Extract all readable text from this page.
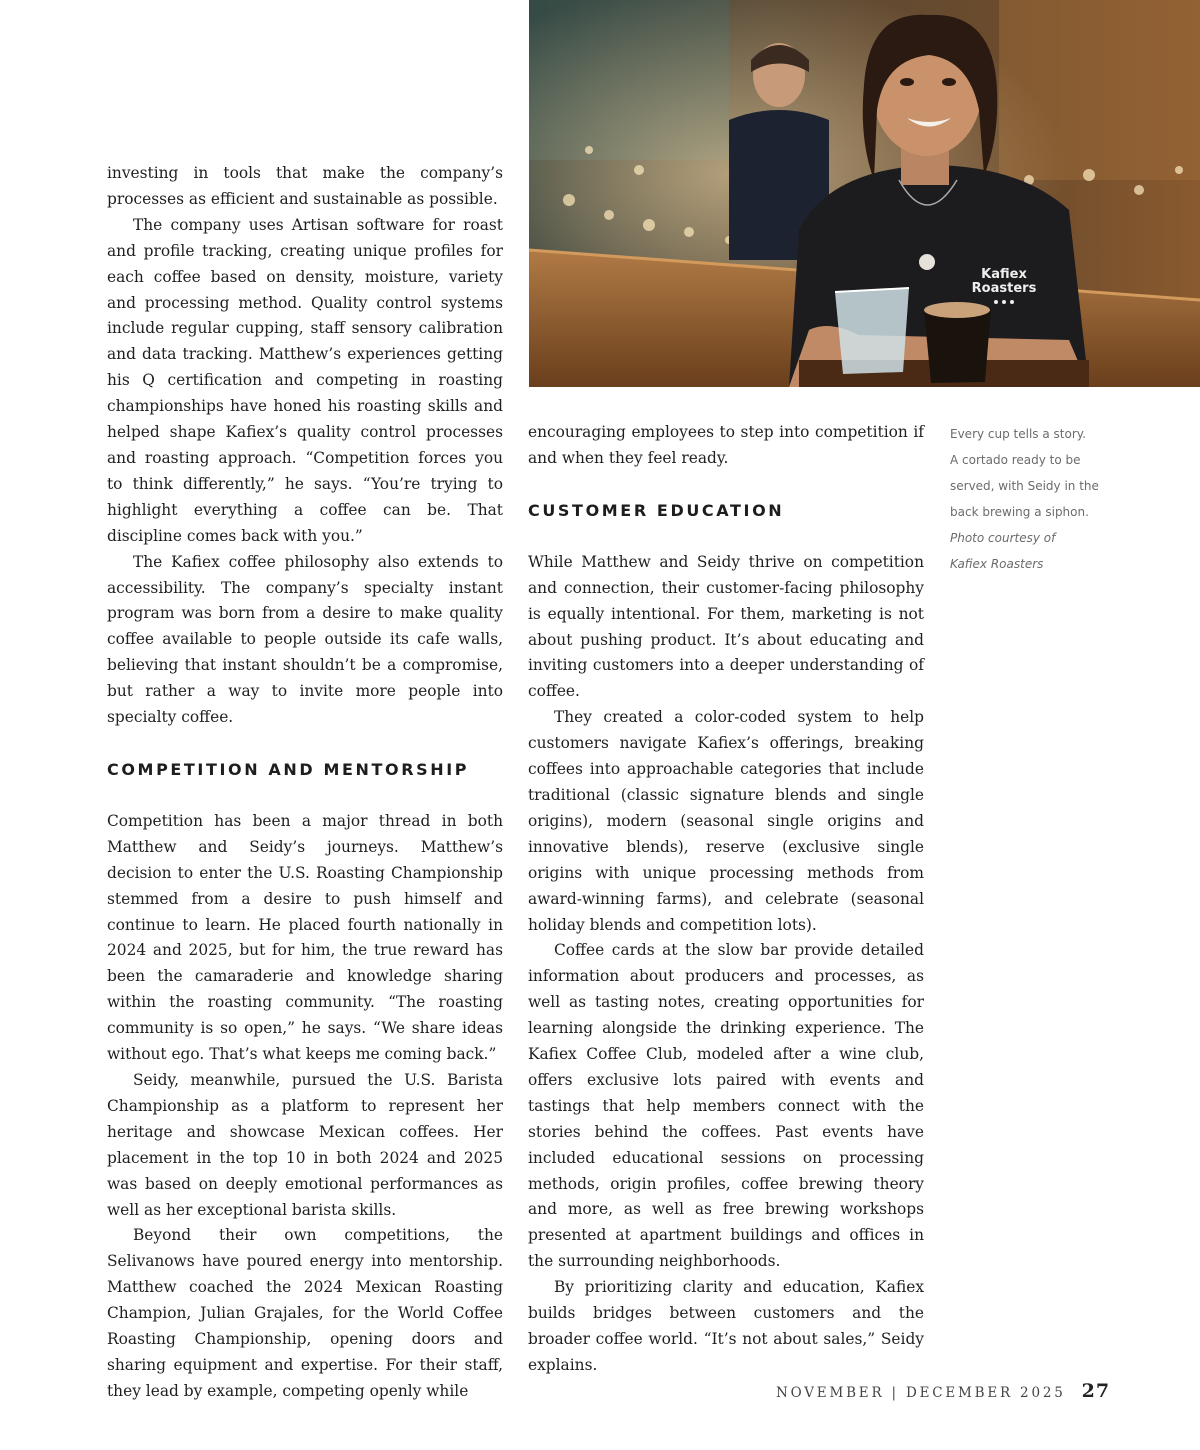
investing in tools that make the company’s processes as efficient and sustainable as possible.

The company uses Artisan software for roast and profile tracking, creating unique profiles for each coffee based on density, moisture, variety and processing method. Quality control systems include regular cupping, staff sensory calibration and data tracking. Matthew’s experiences getting his Q certification and competing in roasting championships have honed his roasting skills and helped shape Kafiex’s quality control processes and roasting approach. “Competition forces you to think differently,” he says. “You’re trying to highlight everything a coffee can be. That discipline comes back with you.”

The Kafiex coffee philosophy also extends to accessibility. The company’s specialty instant program was born from a desire to make quality coffee available to people outside its cafe walls, believing that instant shouldn’t be a compromise, but rather a way to invite more people into specialty coffee.

COMPETITION AND MENTORSHIP

Competition has been a major thread in both Matthew and Seidy’s journeys. Matthew’s decision to enter the U.S. Roasting Championship stemmed from a desire to push himself and continue to learn. He placed fourth nationally in 2024 and 2025, but for him, the true reward has been the camaraderie and knowledge sharing within the roasting community. “The roasting community is so open,” he says. “We share ideas without ego. That’s what keeps me coming back.”

Seidy, meanwhile, pursued the U.S. Barista Championship as a platform to represent her heritage and showcase Mexican coffees. Her placement in the top 10 in both 2024 and 2025 was based on deeply emotional performances as well as her exceptional barista skills.

Beyond their own competitions, the Selivanows have poured energy into mentorship. Matthew coached the 2024 Mexican Roasting Champion, Julian Grajales, for the World Coffee Roasting Championship, opening doors and sharing equipment and expertise. For their staff, they lead by example, competing openly while

encouraging employees to step into competition if and when they feel ready.

CUSTOMER EDUCATION

While Matthew and Seidy thrive on competition and connection, their customer-facing philosophy is equally intentional. For them, marketing is not about pushing product. It’s about educating and inviting customers into a deeper understanding of coffee.

They created a color-coded system to help customers navigate Kafiex’s offerings, breaking coffees into approachable categories that include traditional (classic signature blends and single origins), modern (seasonal single origins and innovative blends), reserve (exclusive single origins with unique processing methods from award-winning farms), and celebrate (seasonal holiday blends and competition lots).

Coffee cards at the slow bar provide detailed information about producers and processes, as well as tasting notes, creating opportunities for learning alongside the drinking experience. The Kafiex Coffee Club, modeled after a wine club, offers exclusive lots paired with events and tastings that help members connect with the stories behind the coffees. Past events have included educational sessions on processing methods, origin profiles, coffee brewing theory and more, as well as free brewing workshops presented at apartment buildings and offices in the surrounding neighborhoods.

By prioritizing clarity and education, Kafiex builds bridges between customers and the broader coffee world. “It’s not about sales,” Seidy explains.

Kafiex
Roasters
Every cup tells a story.
A cortado ready to be
served, with Seidy in the
back brewing a siphon.
Photo courtesy of
Kafiex Roasters
NOVEMBER | DECEMBER 2025 27
